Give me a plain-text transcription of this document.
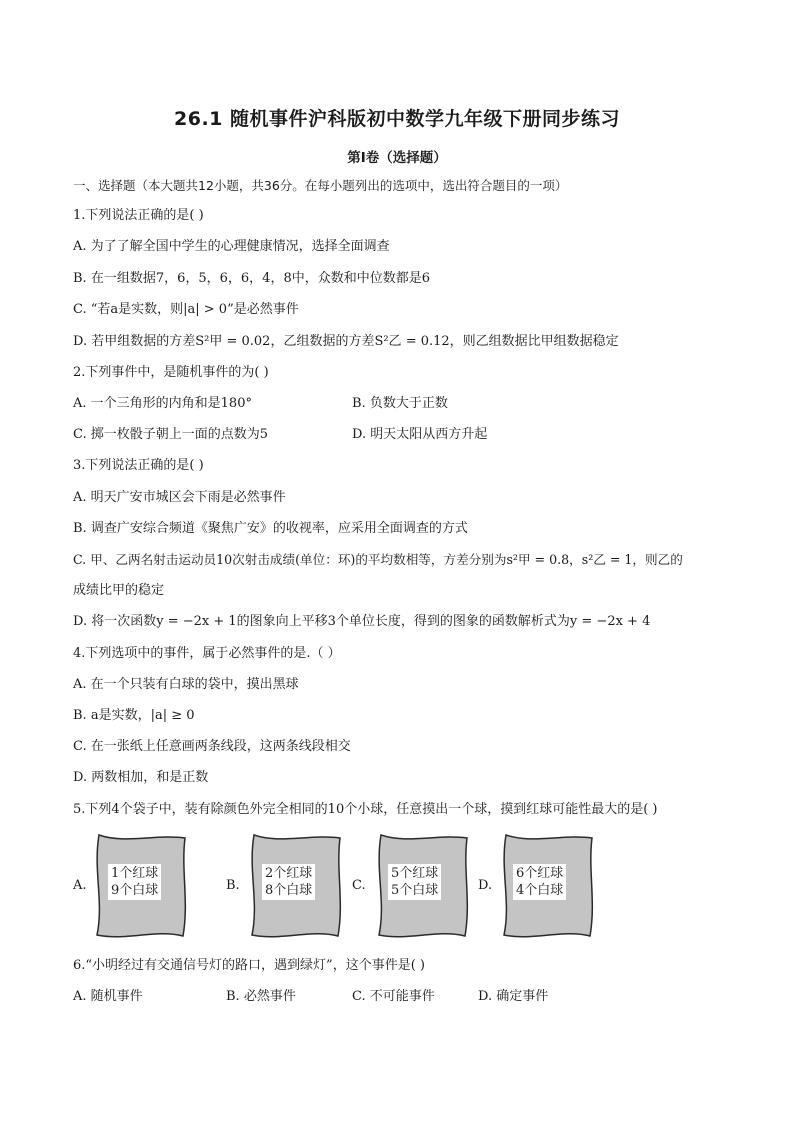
26.1 随机事件沪科版初中数学九年级下册同步练习
第I卷（选择题）
一、选择题（本大题共12小题，共36分。在每小题列出的选项中，选出符合题目的一项）
1.下列说法正确的是( )
A. 为了了解全国中学生的心理健康情况，选择全面调查
B. 在一组数据7，6，5，6，6，4，8中，众数和中位数都是6
C. “若a是实数，则|a| > 0”是必然事件
D. 若甲组数据的方差S²甲 = 0.02，乙组数据的方差S²乙 = 0.12，则乙组数据比甲组数据稳定
2.下列事件中，是随机事件的为( )
A. 一个三角形的内角和是180°	B. 负数大于正数
C. 掷一枚骰子朝上一面的点数为5	D. 明天太阳从西方升起
3.下列说法正确的是( )
A. 明天广安市城区会下雨是必然事件
B. 调查广安综合频道《聚焦广安》的收视率，应采用全面调查的方式
C. 甲、乙两名射击运动员10次射击成绩(单位：环)的平均数相等，方差分别为s²甲 = 0.8，s²乙 = 1，则乙的
成绩比甲的稳定
D. 将一次函数y = −2x + 1的图象向上平移3个单位长度，得到的图象的函数解析式为y = −2x + 4
4.下列选项中的事件，属于必然事件的是.（ ）
A. 在一个只装有白球的袋中，摸出黑球
B. a是实数，|a| ≥ 0
C. 在一张纸上任意画两条线段，这两条线段相交
D. 两数相加，和是正数
5.下列4个袋子中，装有除颜色外完全相同的10个小球，任意摸出一个球，摸到红球可能性最大的是( )
A.
1个红球
9个白球	B.
2个红球
8个白球	C.
5个红球
5个白球	D.
6个红球
4个白球
6.“小明经过有交通信号灯的路口，遇到绿灯”，这个事件是( )
A. 随机事件	B. 必然事件	C. 不可能事件	D. 确定事件
